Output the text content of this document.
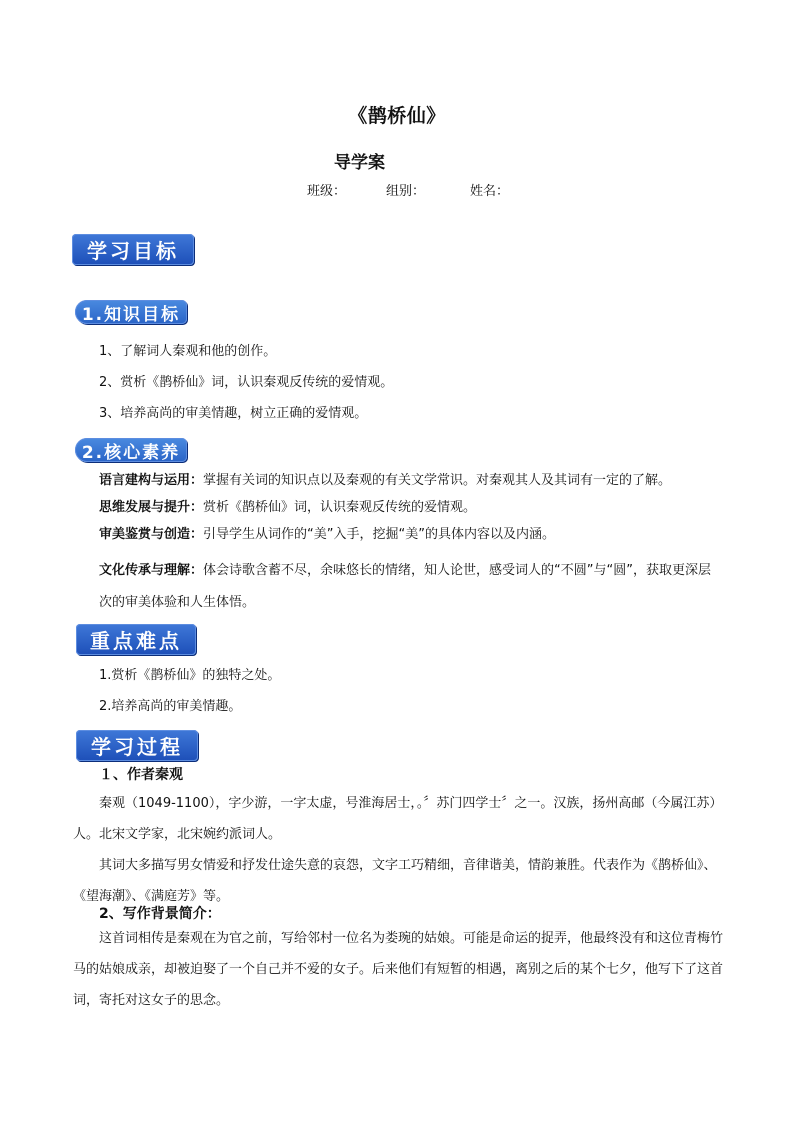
《鹊桥仙》
导学案
班级：	组别：	姓名：
学习目标
1.知识目标
1、了解词人秦观和他的创作。
2、赏析《鹊桥仙》词，认识秦观反传统的爱情观。
3、培养高尚的审美情趣，树立正确的爱情观。
2.核心素养
语言建构与运用：掌握有关词的知识点以及秦观的有关文学常识。对秦观其人及其词有一定的了解。
思维发展与提升：赏析《鹊桥仙》词，认识秦观反传统的爱情观。
审美鉴赏与创造：引导学生从词作的“美”入手，挖掘“美”的具体内容以及内涵。
文化传承与理解：体会诗歌含蓄不尽，余味悠长的情绪，知人论世，感受词人的“不圆”与“圆”，获取更深层次的审美体验和人生体悟。
重点难点
1.赏析《鹊桥仙》的独特之处。
2.培养高尚的审美情趣。
学习过程
１、作者秦观
秦观（1049-1100），字少游，一字太虚，号淮海居士，。〞苏门四学士〞之一。汉族，扬州高邮（今属江苏）人。北宋文学家，北宋婉约派词人。
其词大多描写男女情爱和抒发仕途失意的哀怨，文字工巧精细，音律谐美，情韵兼胜。代表作为《鹊桥仙》、《望海潮》、《满庭芳》等。
2、写作背景简介：
这首词相传是秦观在为官之前，写给邻村一位名为娄琬的姑娘。可能是命运的捉弄，他最终没有和这位青梅竹马的姑娘成亲，却被迫娶了一个自己并不爱的女子。后来他们有短暂的相遇，离别之后的某个七夕，他写下了这首词，寄托对这女子的思念。
